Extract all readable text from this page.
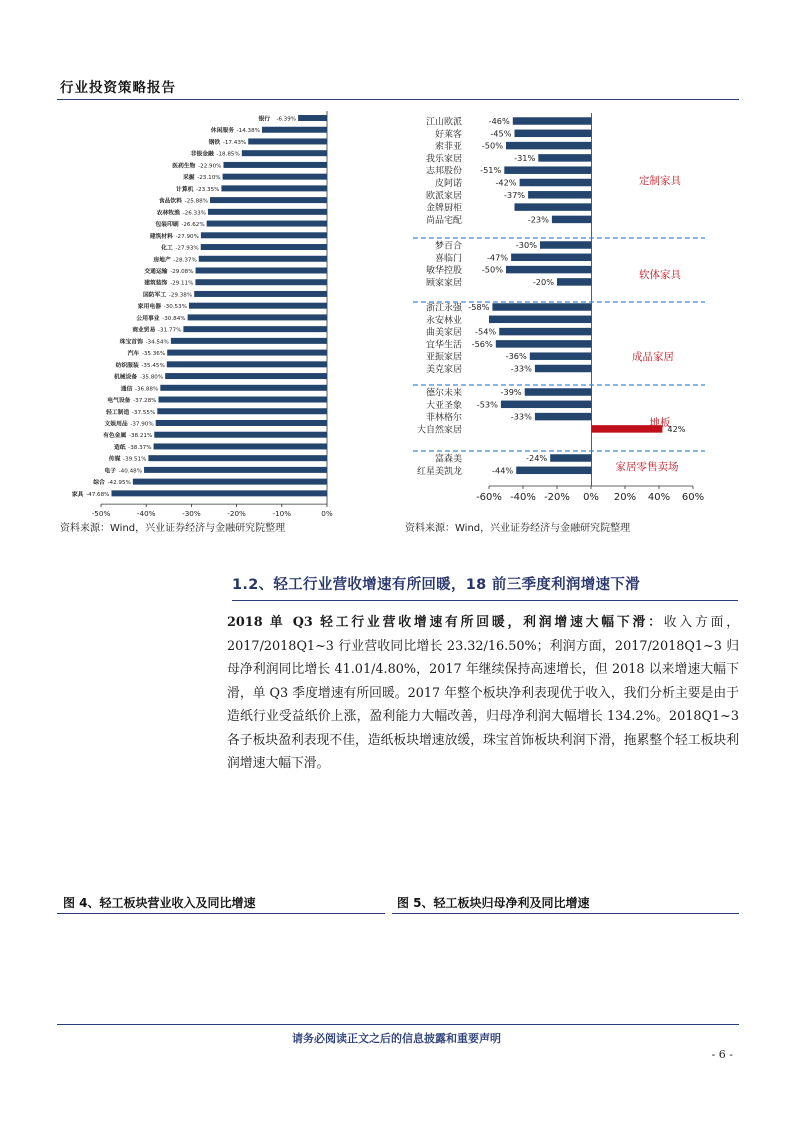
行业投资策略报告
-6.39%
银行
-14.38%
休闲服务
-17.43%
钢铁
-18.85%
非银金融
-22.90%
医药生物
-23.10%
采掘
-23.35%
计算机
-25.88%
食品饮料
-26.33%
农林牧渔
-26.62%
包装印刷
-27.90%
建筑材料
-27.93%
化工
-28.37%
房地产
-29.08%
交通运输
-29.11%
建筑装饰
-29.38%
国防军工
-30.53%
家用电器
-30.84%
公用事业
-31.77%
商业贸易
-34.54%
珠宝首饰
-35.36%
汽车
-35.45%
纺织服装
-35.80%
机械设备
-36.88%
通信
-37.28%
电气设备
-37.55%
轻工制造
-37.90%
文娱用品
-38.21%
有色金属
-38.37%
造纸
-39.51%
传媒
-40.48%
电子
-42.95%
综合
-47.68%
家具
-50%	-40%	-30%	-20%	-10%	0%
资料来源：Wind，兴业证券经济与金融研究院整理
-46%
江山欧派
-45%
好莱客
-50%
索菲亚
-31%
我乐家居
-51%
志邦股份
-42%
皮阿诺
-37%
欧派家居
金牌厨柜
-23%
尚品宅配
-30%
梦百合
-47%
喜临门
-50%
敏华控股
-20%
顾家家居
-58%
浙江永强
永安林业
-54%
曲美家居
-56%
宜华生活
-36%
亚振家居
-33%
美克家居
-39%
德尔未来
-53%
大亚圣象
-33%
菲林格尔
42%
大自然家居
-24%
富森美
-44%
红星美凯龙
定制家具
软体家具
成品家居
地板
家居零售卖场
-60% -40% -20% 0% 20% 40% 60%
资料来源：Wind，兴业证券经济与金融研究院整理
1.2、轻工行业营收增速有所回暖，18 前三季度利润增速下滑
2018 单 Q3 轻工行业营收增速有所回暖，利润增速大幅下滑：收入方面，2017/2018Q1~3 行业营收同比增长 23.32/16.50%；利润方面，2017/2018Q1~3 归母净利润同比增长 41.01/4.80%，2017 年继续保持高速增长，但 2018 以来增速大幅下滑，单 Q3 季度增速有所回暖。2017 年整个板块净利表现优于收入，我们分析主要是由于造纸行业受益纸价上涨，盈利能力大幅改善，归母净利润大幅增长 134.2%。2018Q1~3 各子板块盈利表现不佳，造纸板块增速放缓，珠宝首饰板块利润下滑，拖累整个轻工板块利润增速大幅下滑。
图 4、轻工板块营业收入及同比增速	图 5、轻工板块归母净利及同比增速
请务必阅读正文之后的信息披露和重要声明
- 6 -
